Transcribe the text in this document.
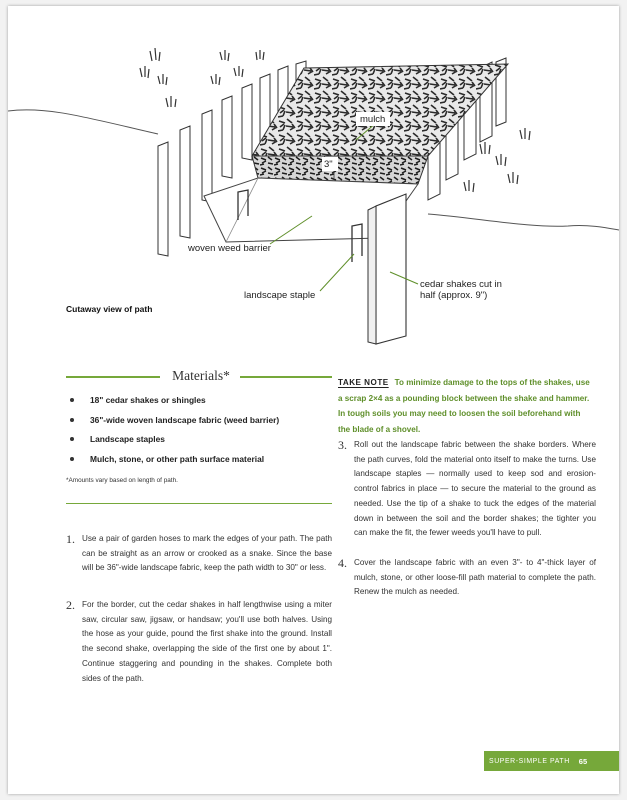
mulch
3"
woven weed barrier
landscape staple
cedar shakes cut in
half (approx. 9")
Cutaway view of path
Materials*
18" cedar shakes or shingles
36"-wide woven landscape fabric (weed barrier)
Landscape staples
Mulch, stone, or other path surface material
*Amounts vary based on length of path.
1. Use a pair of garden hoses to mark the edges of your path. The path can be straight as an arrow or crooked as a snake. Since the base will be 36"-wide landscape fabric, keep the path width to 30" or less.
2. For the border, cut the cedar shakes in half lengthwise using a miter saw, circular saw, jigsaw, or handsaw; you'll use both halves. Using the hose as your guide, pound the first shake into the ground. Install the second shake, overlapping the side of the first one by about 1". Continue staggering and pounding in the shakes. Complete both sides of the path.
TAKE NOTE To minimize damage to the tops of the shakes, use a scrap 2×4 as a pounding block between the shake and hammer. In tough soils you may need to loosen the soil beforehand with the blade of a shovel.
3. Roll out the landscape fabric between the shake borders. Where the path curves, fold the material onto itself to make the turns. Use landscape staples — normally used to keep sod and erosion-control fabrics in place — to secure the material to the ground as needed. Use the tip of a shake to tuck the edges of the material down in between the soil and the border shakes; the tighter you can make the fit, the fewer weeds you'll have to pull.
4. Cover the landscape fabric with an even 3"- to 4"-thick layer of mulch, stone, or other loose-fill path material to complete the path. Renew the mulch as needed.
SUPER-SIMPLE PATH 65
